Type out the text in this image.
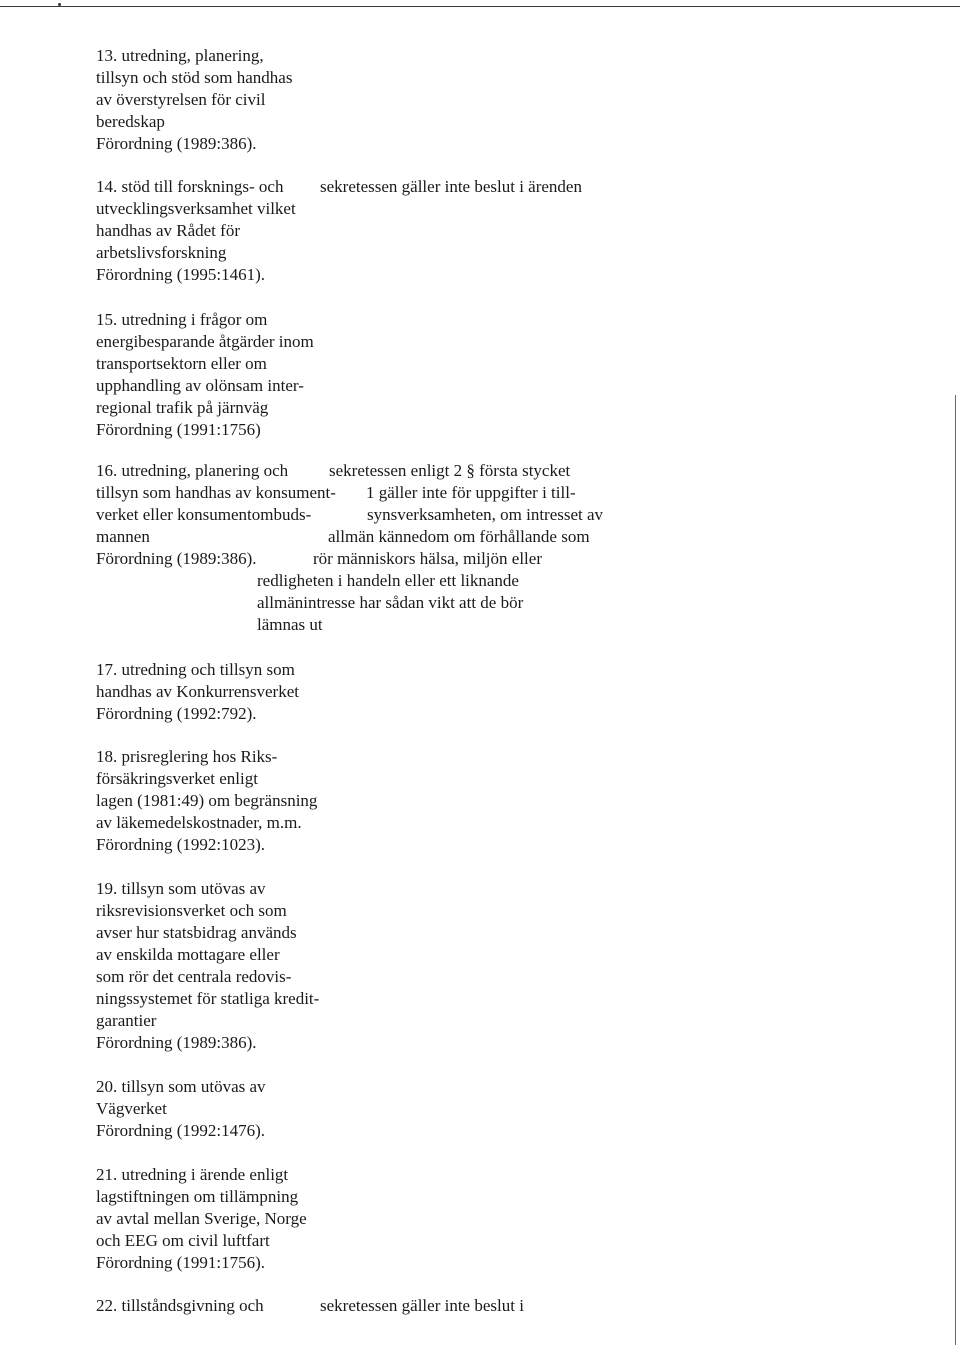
13. utredning, planering,
tillsyn och stöd som handhas
av överstyrelsen för civil
beredskap
Förordning (1989:386).
14. stöd till forsknings- och
utvecklingsverksamhet vilket
handhas av Rådet för
arbetslivsforskning
Förordning (1995:1461).
sekretessen gäller inte beslut i ärenden
15. utredning i frågor om
energibesparande åtgärder inom
transportsektorn eller om
upphandling av olönsam inter-
regional trafik på järnväg
Förordning (1991:1756)
16. utredning, planering och
tillsyn som handhas av konsument-
verket eller konsumentombuds-
mannen
Förordning (1989:386).
sekretessen enligt 2 § första stycket
1 gäller inte för uppgifter i till-
synsverksamheten, om intresset av
allmän kännedom om förhållande som
rör människors hälsa, miljön eller
redligheten i handeln eller ett liknande
allmänintresse har sådan vikt att de bör
lämnas ut
17. utredning och tillsyn som
handhas av Konkurrensverket
Förordning (1992:792).
18. prisreglering hos Riks-
försäkringsverket enligt
lagen (1981:49) om begränsning
av läkemedelskostnader, m.m.
Förordning (1992:1023).
19. tillsyn som utövas av
riksrevisionsverket och som
avser hur statsbidrag används
av enskilda mottagare eller
som rör det centrala redovis-
ningssystemet för statliga kredit-
garantier
Förordning (1989:386).
20. tillsyn som utövas av
Vägverket
Förordning (1992:1476).
21. utredning i ärende enligt
lagstiftningen om tillämpning
av avtal mellan Sverige, Norge
och EEG om civil luftfart
Förordning (1991:1756).
22. tillståndsgivning och	sekretessen gäller inte beslut i
